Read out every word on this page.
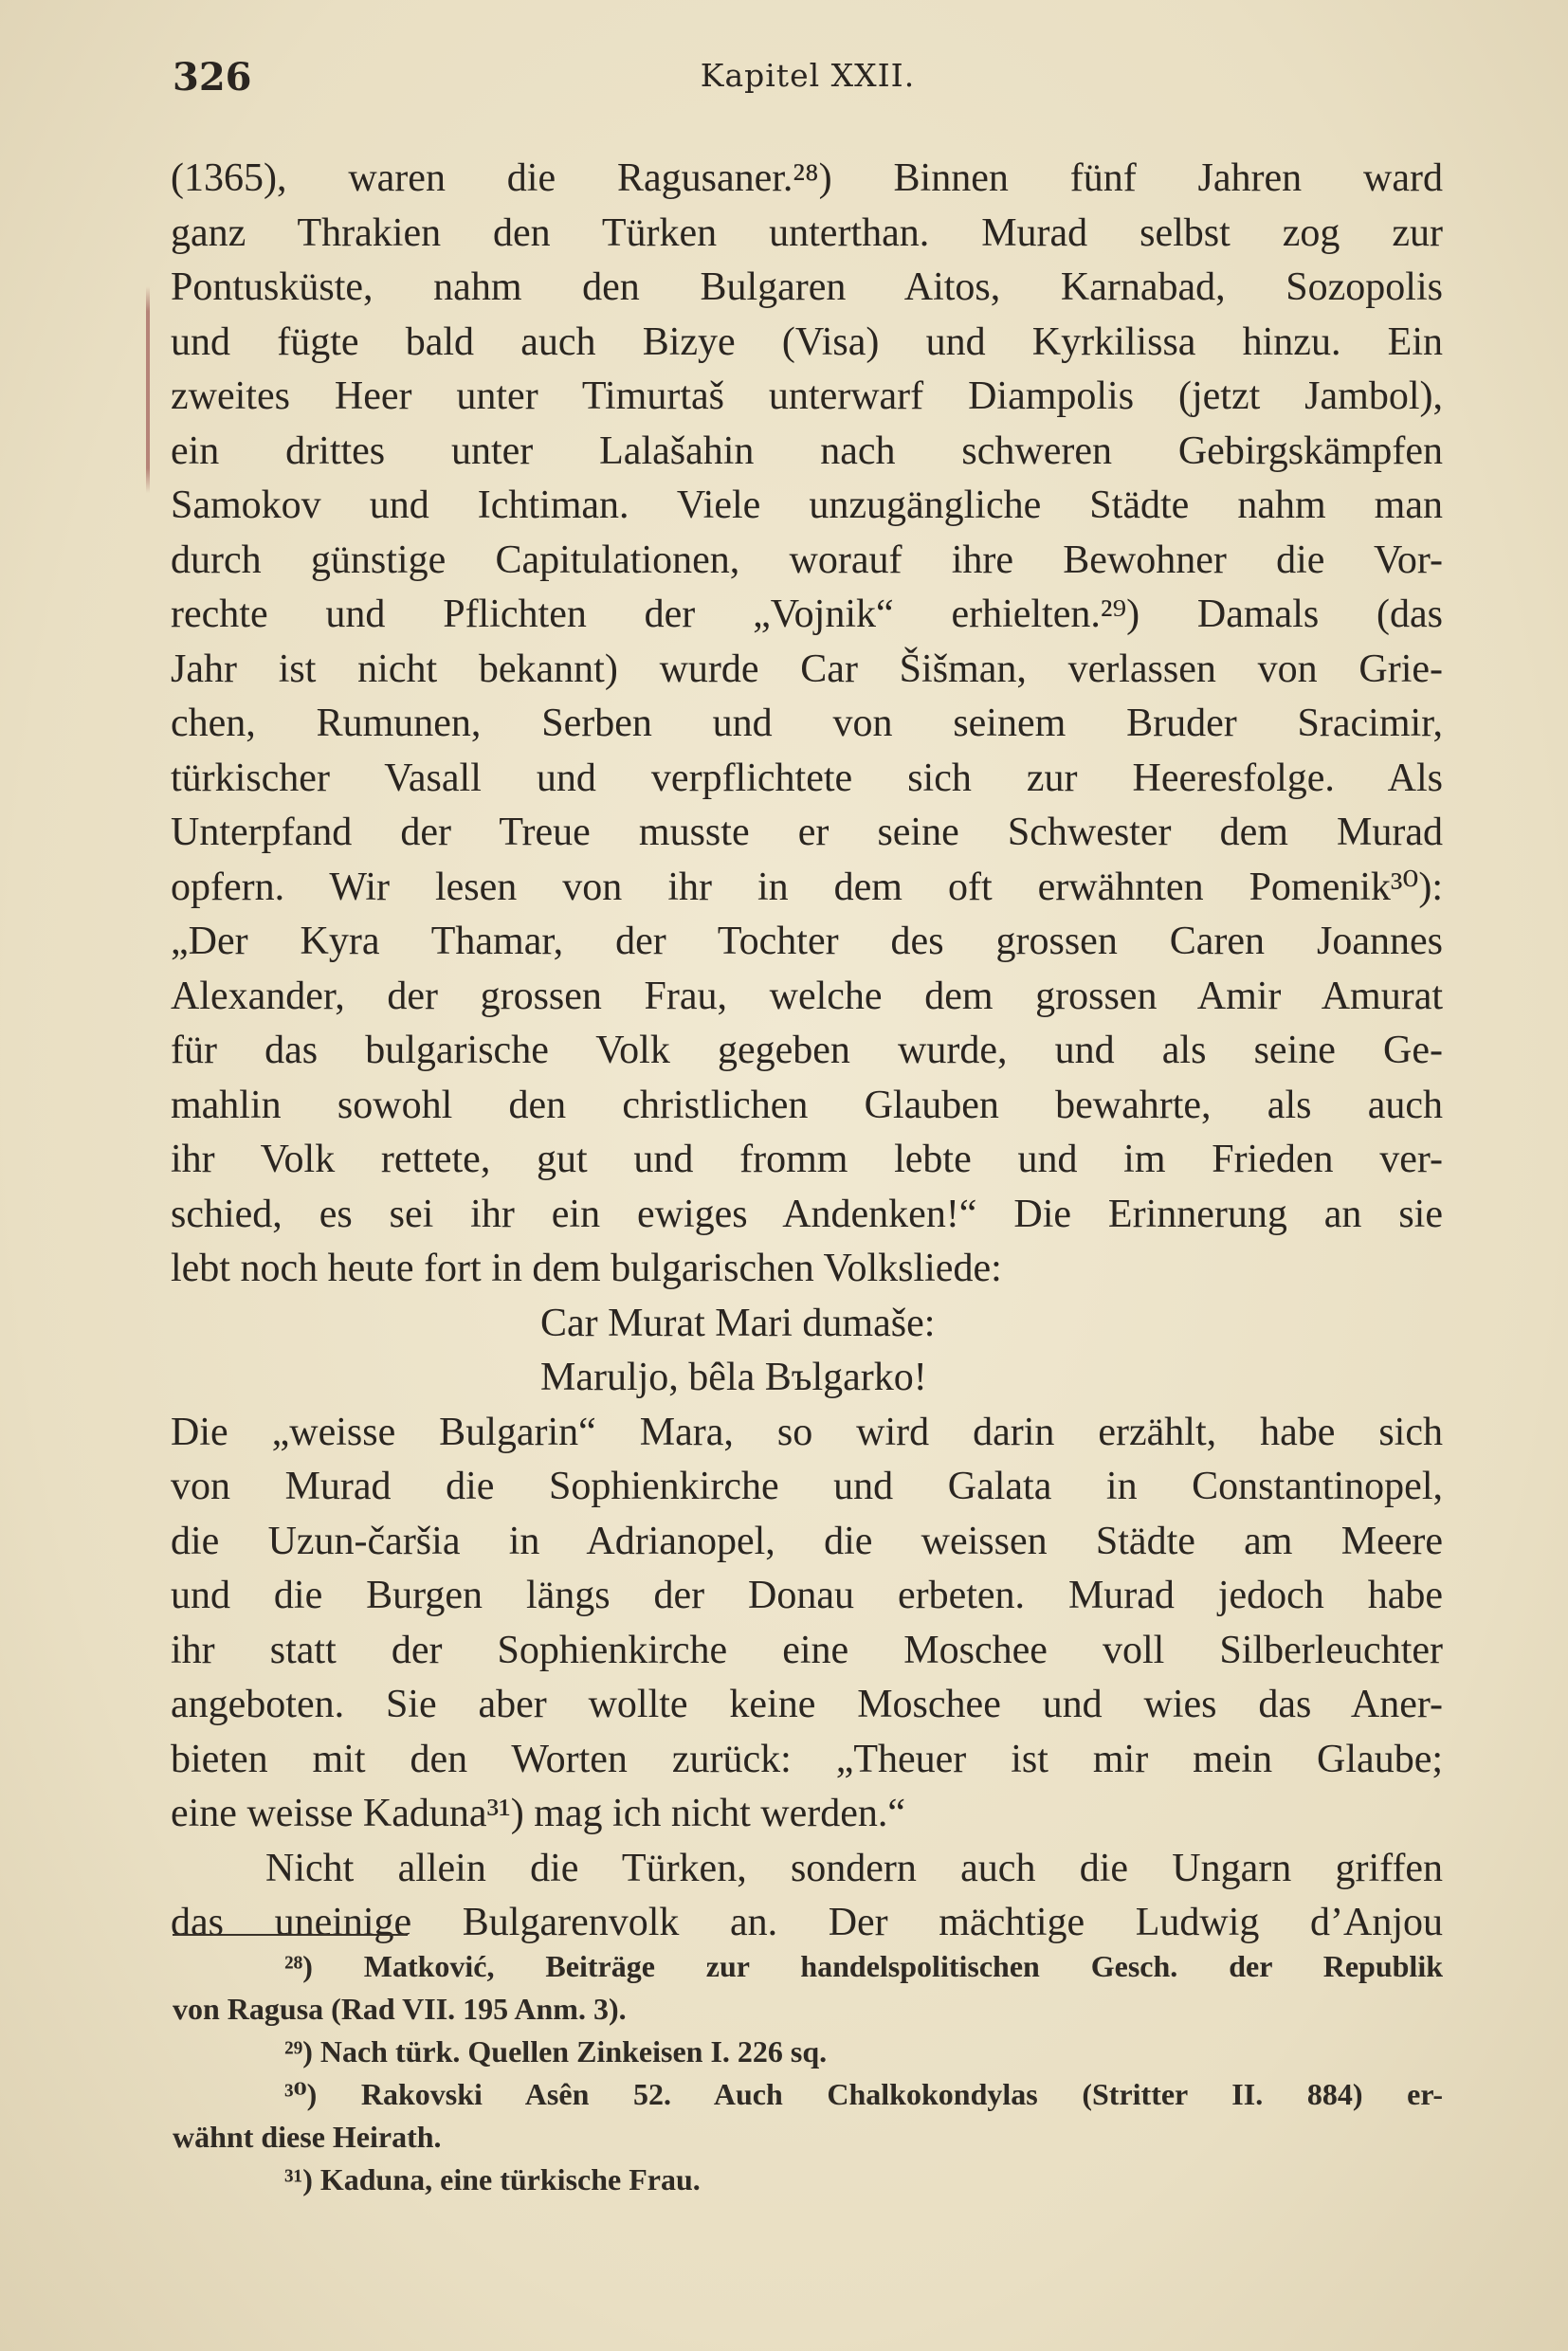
326	Kapitel XXII.
(1365), waren die Ragusaner.²⁸) Binnen fünf Jahren ward
ganz Thrakien den Türken unterthan. Murad selbst zog zur
Pontusküste, nahm den Bulgaren Aitos, Karnabad, Sozopolis
und fügte bald auch Bizye (Visa) und Kyrkilissa hinzu. Ein
zweites Heer unter Timurtaš unterwarf Diampolis (jetzt Jambol),
ein drittes unter Lalašahin nach schweren Gebirgskämpfen
Samokov und Ichtiman. Viele unzugängliche Städte nahm man
durch günstige Capitulationen, worauf ihre Bewohner die Vor-
rechte und Pflichten der „Vojnik“ erhielten.²⁹) Damals (das
Jahr ist nicht bekannt) wurde Car Šišman, verlassen von Grie-
chen, Rumunen, Serben und von seinem Bruder Sracimir,
türkischer Vasall und verpflichtete sich zur Heeresfolge. Als
Unterpfand der Treue musste er seine Schwester dem Murad
opfern. Wir lesen von ihr in dem oft erwähnten Pomenik³⁰):
„Der Kyra Thamar, der Tochter des grossen Caren Joannes
Alexander, der grossen Frau, welche dem grossen Amir Amurat
für das bulgarische Volk gegeben wurde, und als seine Ge-
mahlin sowohl den christlichen Glauben bewahrte, als auch
ihr Volk rettete, gut und fromm lebte und im Frieden ver-
schied, es sei ihr ein ewiges Andenken!“ Die Erinnerung an sie
lebt noch heute fort in dem bulgarischen Volksliede:
Car Murat Mari dumaše:
Maruljo, bêla Bъlgarko!
Die „weisse Bulgarin“ Mara, so wird darin erzählt, habe sich
von Murad die Sophienkirche und Galata in Constantinopel,
die Uzun-čaršia in Adrianopel, die weissen Städte am Meere
und die Burgen längs der Donau erbeten. Murad jedoch habe
ihr statt der Sophienkirche eine Moschee voll Silberleuchter
angeboten. Sie aber wollte keine Moschee und wies das Aner-
bieten mit den Worten zurück: „Theuer ist mir mein Glaube;
eine weisse Kaduna³¹) mag ich nicht werden.“
Nicht allein die Türken, sondern auch die Ungarn griffen
das uneinige Bulgarenvolk an. Der mächtige Ludwig d’Anjou
²⁸) Matković, Beiträge zur handelspolitischen Gesch. der Republik
von Ragusa (Rad VII. 195 Anm. 3).
²⁹) Nach türk. Quellen Zinkeisen I. 226 sq.
³⁰) Rakovski Asên 52. Auch Chalkokondylas (Stritter II. 884) er-
wähnt diese Heirath.
³¹) Kaduna, eine türkische Frau.
